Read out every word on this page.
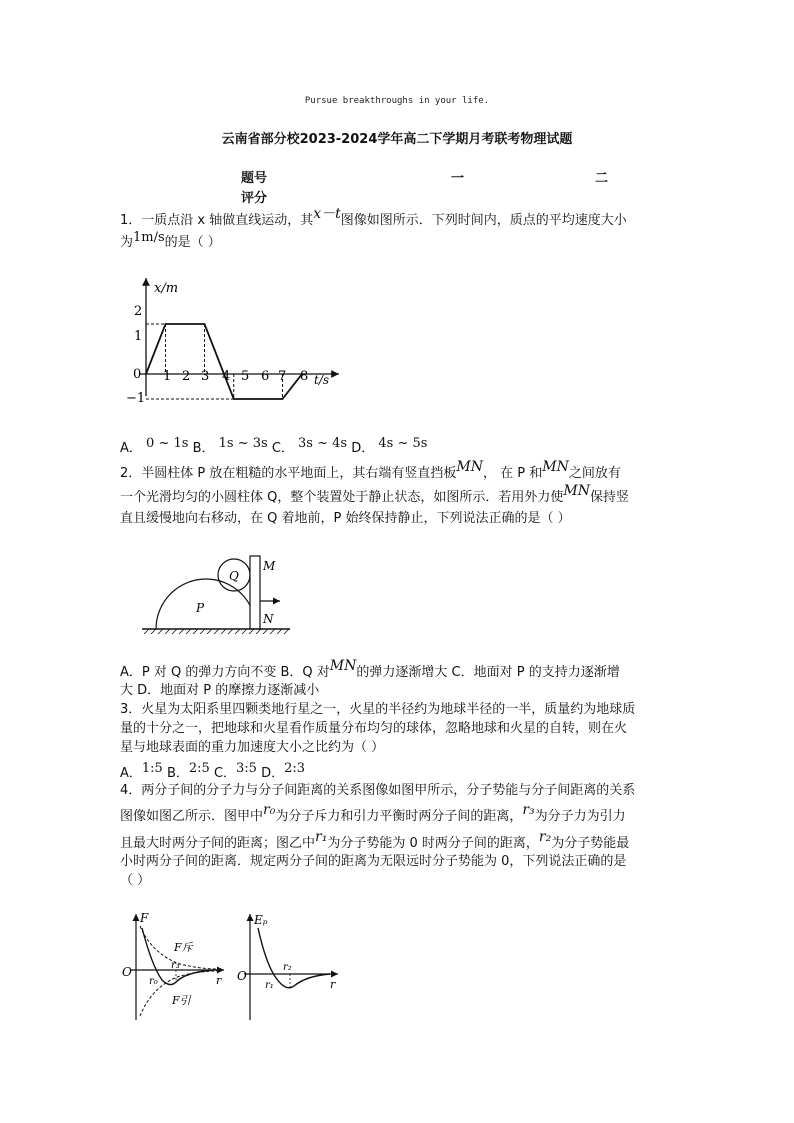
Pursue breakthroughs in your life.
云南省部分校2023-2024学年高二下学期月考联考物理试题
题号	一	二
评分
1．一质点沿 x 轴做直线运动，其x－t图像如图所示．下列时间内，质点的平均速度大小
为1m/s的是（ ）
x/m
t/s
0
2
1
−1
1 2 3 4 5 6 7 8
A． 0 ~ 1s B． 1s ~ 3s C． 3s ~ 4s D． 4s ~ 5s
2．半圆柱体 P 放在粗糙的水平地面上，其右端有竖直挡板MN， 在 P 和MN之间放有
一个光滑均匀的小圆柱体 Q，整个装置处于静止状态，如图所示．若用外力使MN保持竖
直且缓慢地向右移动，在 Q 着地前，P 始终保持静止，下列说法正确的是（ ）
P
Q
M
N
A．P 对 Q 的弹力方向不变 B．Q 对MN的弹力逐渐增大 C．地面对 P 的支持力逐渐增
大 D．地面对 P 的摩擦力逐渐减小
3．火星为太阳系里四颗类地行星之一，火星的半径约为地球半径的一半，质量约为地球质
量的十分之一，把地球和火星看作质量分布均匀的球体，忽略地球和火星的自转，则在火
星与地球表面的重力加速度大小之比约为（ ）
A．1:5 B．2:5 C．3:5 D．2:3
4．两分子间的分子力与分子间距离的关系图像如图甲所示，分子势能与分子间距离的关系
图像如图乙所示．图甲中r₀为分子斥力和引力平衡时两分子间的距离，r₃为分子力为引力
且最大时两分子间的距离；图乙中r₁为分子势能为 0 时两分子间的距离，r₂为分子势能最
小时两分子间的距离．规定两分子间的距离为无限远时分子势能为 0，下列说法正确的是
（ ）
F
O
r
F斥
F引
r₀
r₃
Eₚ
O
r
r₁
r₂
